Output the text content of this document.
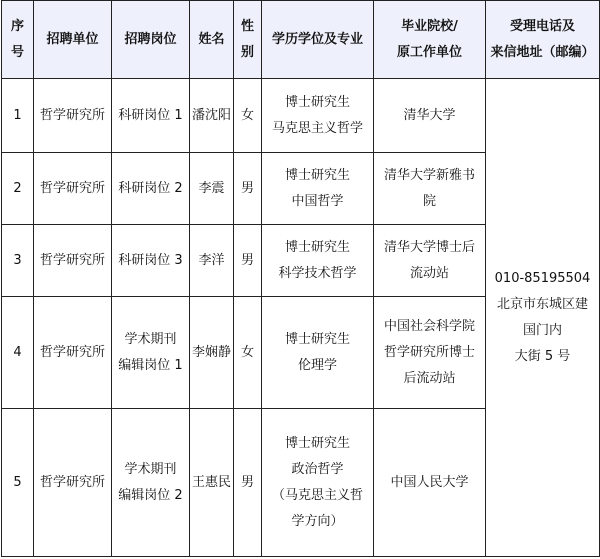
序
号	招聘单位	招聘岗位	姓名	性别	学历学位及专业	毕业院校/
原工作单位	受理电话及
来信地址（邮编）

1	哲学研究所	科研岗位 1	潘沈阳	女	博士研究生
马克思主义哲学	清华大学	010-85195504
北京市东城区建
国门内
大街 5 号

2	哲学研究所	科研岗位 2	李震	男	博士研究生
中国哲学	清华大学新雅书
院	

3	哲学研究所	科研岗位 3	李洋	男	博士研究生
科学技术哲学	清华大学博士后
流动站	

4	哲学研究所	学术期刊
编辑岗位 1	李娴静	女	博士研究生
伦理学	中国社会科学院
哲学研究所博士
后流动站	

5	哲学研究所	学术期刊
编辑岗位 2	王惠民	男	博士研究生
政治哲学
（马克思主义哲
学方向）	中国人民大学	
